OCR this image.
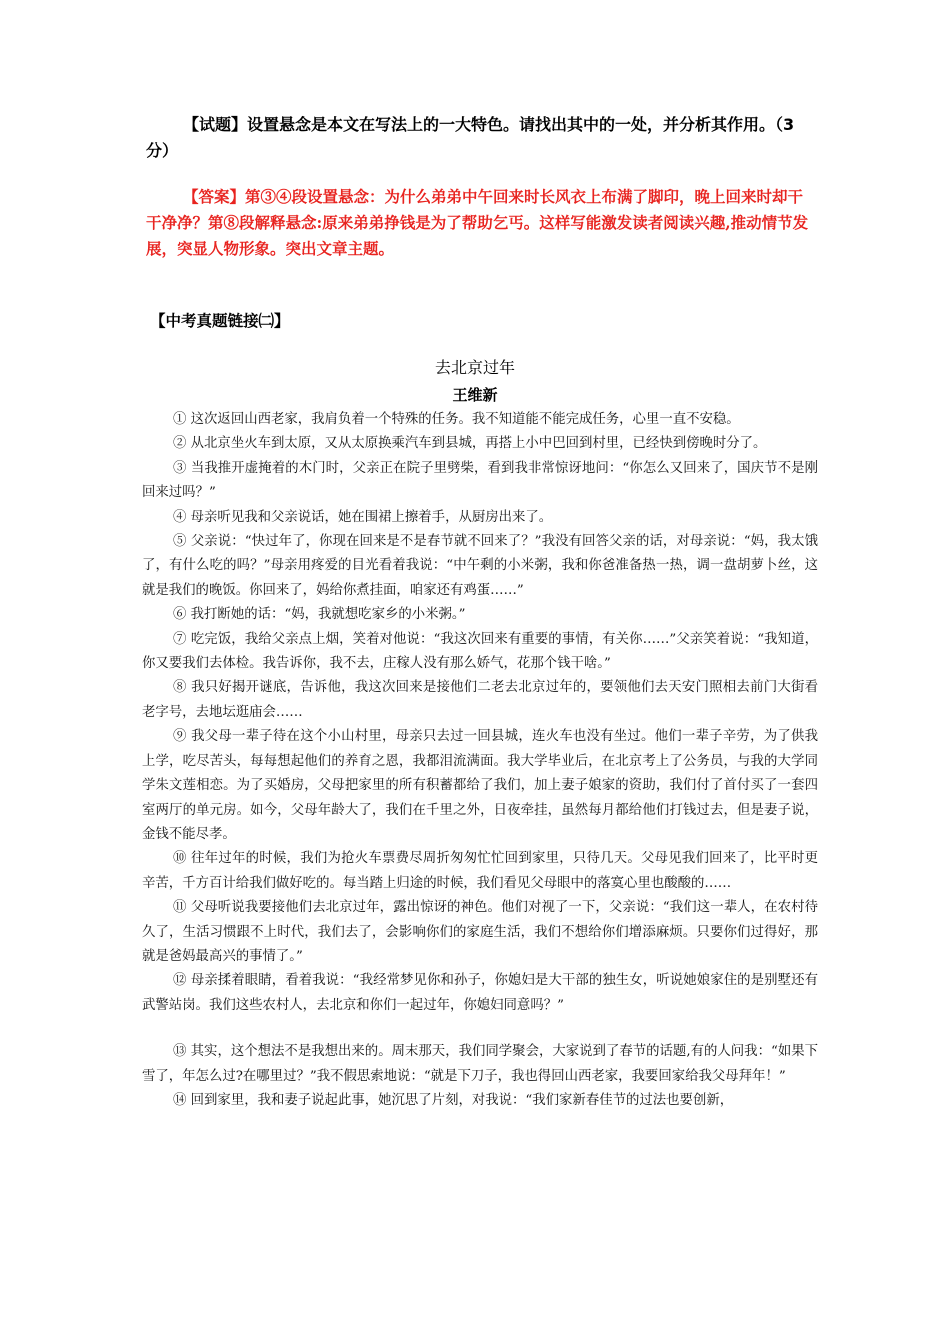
【试题】设置悬念是本文在写法上的一大特色。请找出其中的一处，并分析其作用。（3 分）
【答案】第③④段设置悬念：为什么弟弟中午回来时长风衣上布满了脚印，晚上回来时却干干净净？第⑧段解释悬念:原来弟弟挣钱是为了帮助乞丐。这样写能激发读者阅读兴趣,推动情节发展，突显人物形象。突出文章主题。
【中考真题链接㈡】
去北京过年
王维新

① 这次返回山西老家，我肩负着一个特殊的任务。我不知道能不能完成任务，心里一直不安稳。

② 从北京坐火车到太原，又从太原换乘汽车到县城，再搭上小中巴回到村里，已经快到傍晚时分了。

③ 当我推开虚掩着的木门时，父亲正在院子里劈柴，看到我非常惊讶地问：“你怎么又回来了，国庆节不是刚回来过吗？”

④ 母亲听见我和父亲说话，她在围裙上擦着手，从厨房出来了。

⑤ 父亲说：“快过年了，你现在回来是不是春节就不回来了？”我没有回答父亲的话，对母亲说：“妈，我太饿了，有什么吃的吗？”母亲用疼爱的目光看着我说：“中午剩的小米粥，我和你爸准备热一热，调一盘胡萝卜丝，这就是我们的晚饭。你回来了，妈给你煮挂面，咱家还有鸡蛋……”

⑥ 我打断她的话：“妈，我就想吃家乡的小米粥。”

⑦ 吃完饭，我给父亲点上烟，笑着对他说：“我这次回来有重要的事情，有关你……”父亲笑着说：“我知道，你又要我们去体检。我告诉你，我不去，庄稼人没有那么娇气，花那个钱干啥。”

⑧ 我只好揭开谜底，告诉他，我这次回来是接他们二老去北京过年的，要领他们去天安门照相去前门大街看老字号，去地坛逛庙会……

⑨ 我父母一辈子待在这个小山村里，母亲只去过一回县城，连火车也没有坐过。他们一辈子辛劳，为了供我上学，吃尽苦头，每每想起他们的养育之恩，我都泪流满面。我大学毕业后，在北京考上了公务员，与我的大学同学朱文莲相恋。为了买婚房，父母把家里的所有积蓄都给了我们，加上妻子娘家的资助，我们付了首付买了一套四室两厅的单元房。如今，父母年龄大了，我们在千里之外，日夜牵挂，虽然每月都给他们打钱过去，但是妻子说，金钱不能尽孝。

⑩ 往年过年的时候，我们为抢火车票费尽周折匆匆忙忙回到家里，只待几天。父母见我们回来了，比平时更辛苦，千方百计给我们做好吃的。每当踏上归途的时候，我们看见父母眼中的落寞心里也酸酸的……

⑪ 父母听说我要接他们去北京过年，露出惊讶的神色。他们对视了一下，父亲说：“我们这一辈人，在农村待久了，生活习惯跟不上时代，我们去了，会影响你们的家庭生活，我们不想给你们增添麻烦。只要你们过得好，那就是爸妈最高兴的事情了。”

⑫ 母亲揉着眼睛，看着我说：“我经常梦见你和孙子，你媳妇是大干部的独生女，听说她娘家住的是别墅还有武警站岗。我们这些农村人，去北京和你们一起过年，你媳妇同意吗？”

⑬ 其实，这个想法不是我想出来的。周末那天，我们同学聚会，大家说到了春节的话题,有的人问我：“如果下雪了，年怎么过?在哪里过？”我不假思索地说：“就是下刀子，我也得回山西老家，我要回家给我父母拜年！”

⑭ 回到家里，我和妻子说起此事，她沉思了片刻，对我说：“我们家新春佳节的过法也要创新，
